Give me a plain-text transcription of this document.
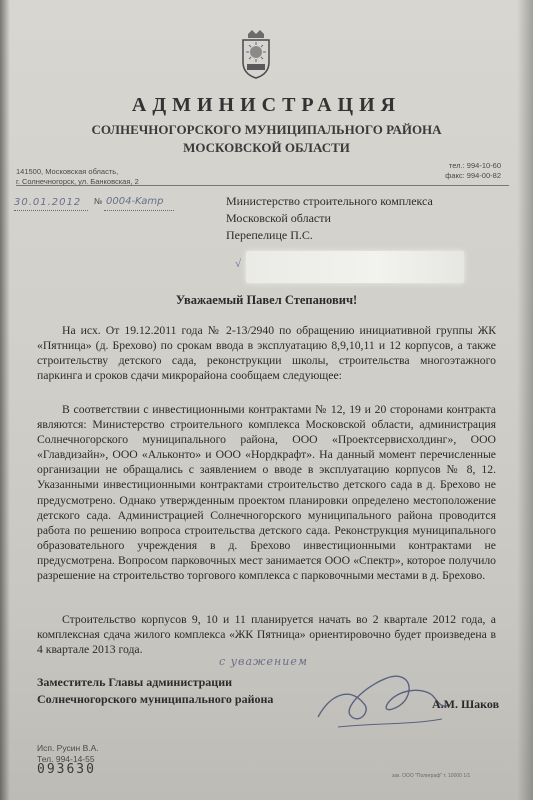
АДМИНИСТРАЦИЯ
СОЛНЕЧНОГОРСКОГО МУНИЦИПАЛЬНОГО РАЙОНА
МОСКОВСКОЙ ОБЛАСТИ
141500, Московская область,
г. Солнечногорск, ул. Банковская, 2
тел.: 994-10-60
факс: 994-00-82
30.01.2012 № 0004-Kamp	Министерство строительного комплекса
Московской области
Перепелице П.С.
√
Уважаемый Павел Степанович!

На исх. От 19.12.2011 года № 2-13/2940 по обращению инициативной группы ЖК «Пятница» (д. Брехово) по срокам ввода в эксплуатацию 8,9,10,11 и 12 корпусов, а также строительству детского сада, реконструкции школы, строительства многоэтажного паркинга и сроков сдачи микрорайона сообщаем следующее:

В соответствии с инвестиционными контрактами № 12, 19 и 20 сторонами контракта являются: Министерство строительного комплекса Московской области, администрация Солнечногорского муниципального района, ООО «Проектсервисхолдинг», ООО «Главдизайн», ООО «Альконто» и ООО «Нордкрафт». На данный момент перечисленные организации не обращались с заявлением о вводе в эксплуатацию корпусов № 8, 12. Указанными инвестиционными контрактами строительство детского сада в д. Брехово не предусмотрено. Однако утвержденным проектом планировки определено местоположение детского сада. Администрацией Солнечногорского муниципального района проводится работа по решению вопроса строительства детского сада. Реконструкция муниципального образовательного учреждения в д. Брехово инвестиционными контрактами не предусмотрена. Вопросом парковочных мест занимается ООО «Спектр», которое получило разрешение на строительство торгового комплекса с парковочными местами в д. Брехово.

Строительство корпусов 9, 10 и 11 планируется начать во 2 квартале 2012 года, а комплексная сдача жилого комплекса «ЖК Пятница» ориентировочно будет произведена в 4 квартале 2013 года.

с уважением
Заместитель Главы администрации
Солнечногорского муниципального района	А.М. Шаков
Исп. Русин В.А.
Тел. 994-14-55
093630	зак. ООО "Полиграф" т. 10000 1/1
